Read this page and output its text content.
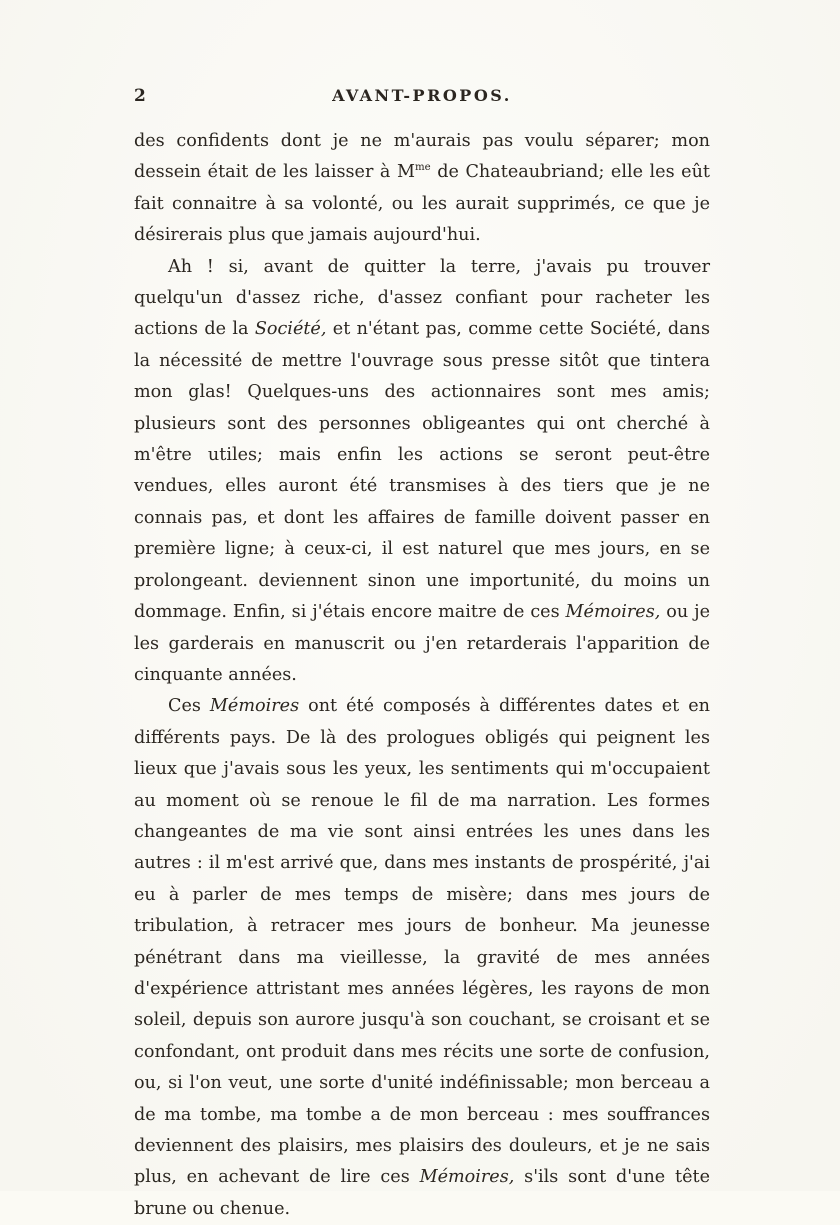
2	AVANT-PROPOS.

des confidents dont je ne m'aurais pas voulu séparer; mon dessein était de les laisser à $M^{me}$ de Chateaubriand; elle les eût fait connaitre à sa volonté, ou les aurait supprimés, ce que je désirerais plus que jamais aujourd'hui.

Ah ! si, avant de quitter la terre, j'avais pu trouver quelqu'un d'assez riche, d'assez confiant pour racheter les actions de la Société, et n'étant pas, comme cette Société, dans la nécessité de mettre l'ouvrage sous presse sitôt que tintera mon glas! Quelques-uns des actionnaires sont mes amis; plusieurs sont des personnes obligeantes qui ont cherché à m'être utiles; mais enfin les actions se seront peut-être vendues, elles auront été transmises à des tiers que je ne connais pas, et dont les affaires de famille doivent passer en première ligne; à ceux-ci, il est naturel que mes jours, en se prolongeant. deviennent sinon une importunité, du moins un dommage. Enfin, si j'étais encore maitre de ces Mémoires, ou je les garderais en manuscrit ou j'en retarderais l'apparition de cinquante années.

Ces Mémoires ont été composés à différentes dates et en différents pays. De là des prologues obligés qui peignent les lieux que j'avais sous les yeux, les sentiments qui m'occupaient au moment où se renoue le fil de ma narration. Les formes changeantes de ma vie sont ainsi entrées les unes dans les autres : il m'est arrivé que, dans mes instants de prospérité, j'ai eu à parler de mes temps de misère; dans mes jours de tribulation, à retracer mes jours de bonheur. Ma jeunesse pénétrant dans ma vieillesse, la gravité de mes années d'expérience attristant mes années légères, les rayons de mon soleil, depuis son aurore jusqu'à son couchant, se croisant et se confondant, ont produit dans mes récits une sorte de confusion, ou, si l'on veut, une sorte d'unité indéfinissable; mon berceau a de ma tombe, ma tombe a de mon berceau : mes souffrances deviennent des plaisirs, mes plaisirs des douleurs, et je ne sais plus, en achevant de lire ces Mémoires, s'ils sont d'une tête brune ou chenue.
